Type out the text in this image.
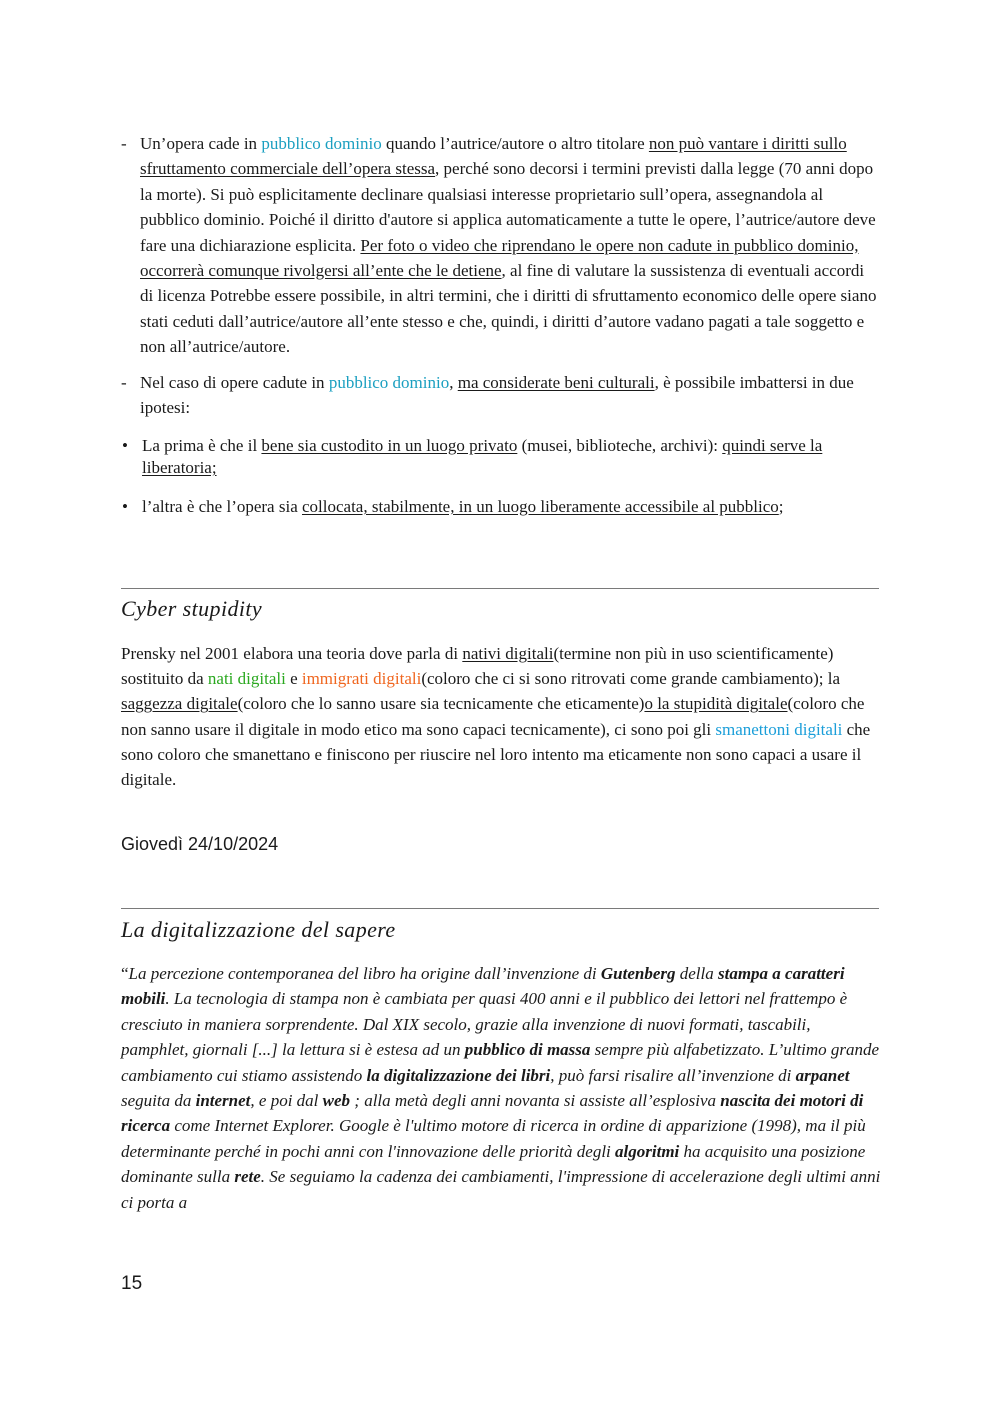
- Un’opera cade in pubblico dominio quando l’autrice/autore o altro titolare non può vantare i diritti sullo sfruttamento commerciale dell’opera stessa, perché sono decorsi i termini previsti dalla legge (70 anni dopo la morte). Si può esplicitamente declinare qualsiasi interesse proprietario sull’opera, assegnandola al pubblico dominio. Poiché il diritto d'autore si applica automaticamente a tutte le opere, l’autrice/autore deve fare una dichiarazione esplicita. Per foto o video che riprendano le opere non cadute in pubblico dominio, occorrerà comunque rivolgersi all’ente che le detiene, al fine di valutare la sussistenza di eventuali accordi di licenza Potrebbe essere possibile, in altri termini, che i diritti di sfruttamento economico delle opere siano stati ceduti dall’autrice/autore all’ente stesso e che, quindi, i diritti d’autore vadano pagati a tale soggetto e non all’autrice/autore.
- Nel caso di opere cadute in pubblico dominio, ma considerate beni culturali, è possibile imbattersi in due ipotesi:
• La prima è che il bene sia custodito in un luogo privato (musei, biblioteche, archivi): quindi serve la liberatoria;
• l’altra è che l’opera sia collocata, stabilmente, in un luogo liberamente accessibile al pubblico;
Cyber stupidity
Prensky nel 2001 elabora una teoria dove parla di nativi digitali(termine non più in uso scientificamente) sostituito da nati digitali e immigrati digitali(coloro che ci si sono ritrovati come grande cambiamento); la saggezza digitale(coloro che lo sanno usare sia tecnicamente che eticamente)o la stupidità digitale(coloro che non sanno usare il digitale in modo etico ma sono capaci tecnicamente), ci sono poi gli smanettoni digitali che sono coloro che smanettano e finiscono per riuscire nel loro intento ma eticamente non sono capaci a usare il digitale.
Giovedì 24/10/2024
La digitalizzazione del sapere
“La percezione contemporanea del libro ha origine dall’invenzione di Gutenberg della stampa a caratteri mobili. La tecnologia di stampa non è cambiata per quasi 400 anni e il pubblico dei lettori nel frattempo è cresciuto in maniera sorprendente. Dal XIX secolo, grazie alla invenzione di nuovi formati, tascabili, pamphlet, giornali [...] la lettura si è estesa ad un pubblico di massa sempre più alfabetizzato. L’ultimo grande cambiamento cui stiamo assistendo la digitalizzazione dei libri, può farsi risalire all’invenzione di arpanet seguita da internet, e poi dal web ; alla metà degli anni novanta si assiste all’esplosiva nascita dei motori di ricerca come Internet Explorer. Google è l'ultimo motore di ricerca in ordine di apparizione (1998), ma il più determinante perché in pochi anni con l'innovazione delle priorità degli algoritmi ha acquisito una posizione dominante sulla rete. Se seguiamo la cadenza dei cambiamenti, l'impressione di accelerazione degli ultimi anni ci porta a
15
